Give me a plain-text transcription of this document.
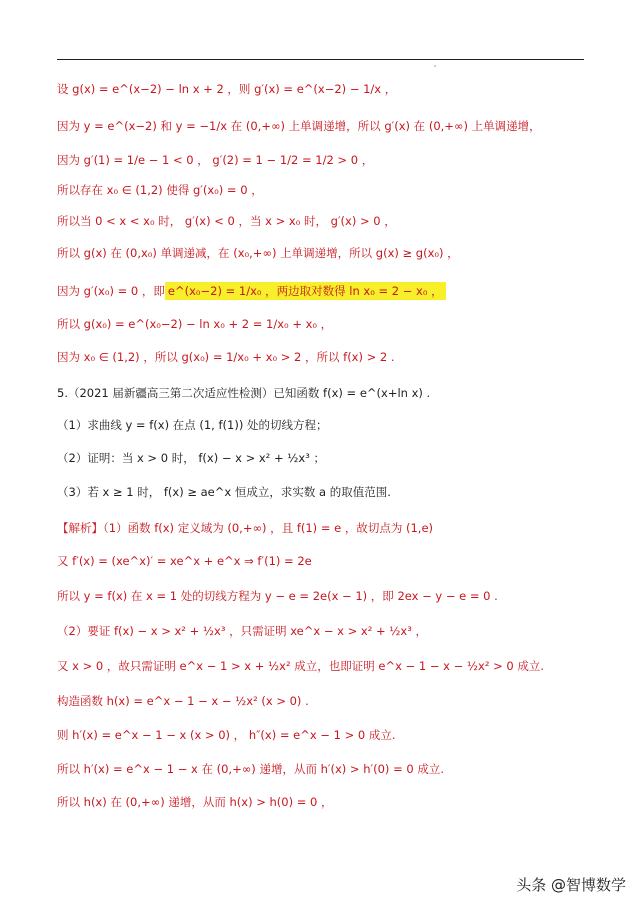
设 g(x) = e^(x−2) − ln x + 2 ，则 g′(x) = e^(x−2) − 1/x ，
因为 y = e^(x−2) 和 y = −1/x 在 (0,+∞) 上单调递增，所以 g′(x) 在 (0,+∞) 上单调递增，
因为 g′(1) = 1/e − 1 < 0 ， g′(2) = 1 − 1/2 = 1/2 > 0 ，
所以存在 x₀ ∈ (1,2) 使得 g′(x₀) = 0 ，
所以当 0 < x < x₀ 时， g′(x) < 0 ，当 x > x₀ 时， g′(x) > 0 ，
所以 g(x) 在 (0,x₀) 单调递减，在 (x₀,+∞) 上单调递增，所以 g(x) ≥ g(x₀) ，
因为 g′(x₀) = 0 ，即 e^(x₀−2) = 1/x₀ ，两边取对数得 ln x₀ = 2 − x₀ ，
所以 g(x₀) = e^(x₀−2) − ln x₀ + 2 = 1/x₀ + x₀ ，
因为 x₀ ∈ (1,2) ，所以 g(x₀) = 1/x₀ + x₀ > 2 ，所以 f(x) > 2 .
5.（2021 届新疆高三第二次适应性检测）已知函数 f(x) = e^(x+ln x) .
（1）求曲线 y = f(x) 在点 (1, f(1)) 处的切线方程；
（2）证明：当 x > 0 时， f(x) − x > x² + ½x³ ；
（3）若 x ≥ 1 时， f(x) ≥ ae^x 恒成立，求实数 a 的取值范围.
【解析】（1）函数 f(x) 定义域为 (0,+∞) ，且 f(1) = e ，故切点为 (1,e)
又 f′(x) = (xe^x)′ = xe^x + e^x ⇒ f′(1) = 2e
所以 y = f(x) 在 x = 1 处的切线方程为 y − e = 2e(x − 1) ，即 2ex − y − e = 0 .
（2）要证 f(x) − x > x² + ½x³ ，只需证明 xe^x − x > x² + ½x³ ，
又 x > 0 ，故只需证明 e^x − 1 > x + ½x² 成立，也即证明 e^x − 1 − x − ½x² > 0 成立.
构造函数 h(x) = e^x − 1 − x − ½x² (x > 0) .
则 h′(x) = e^x − 1 − x (x > 0) ， h″(x) = e^x − 1 > 0 成立.
所以 h′(x) = e^x − 1 − x 在 (0,+∞) 递增，从而 h′(x) > h′(0) = 0 成立.
所以 h(x) 在 (0,+∞) 递增，从而 h(x) > h(0) = 0 ，
头条 @智博数学
